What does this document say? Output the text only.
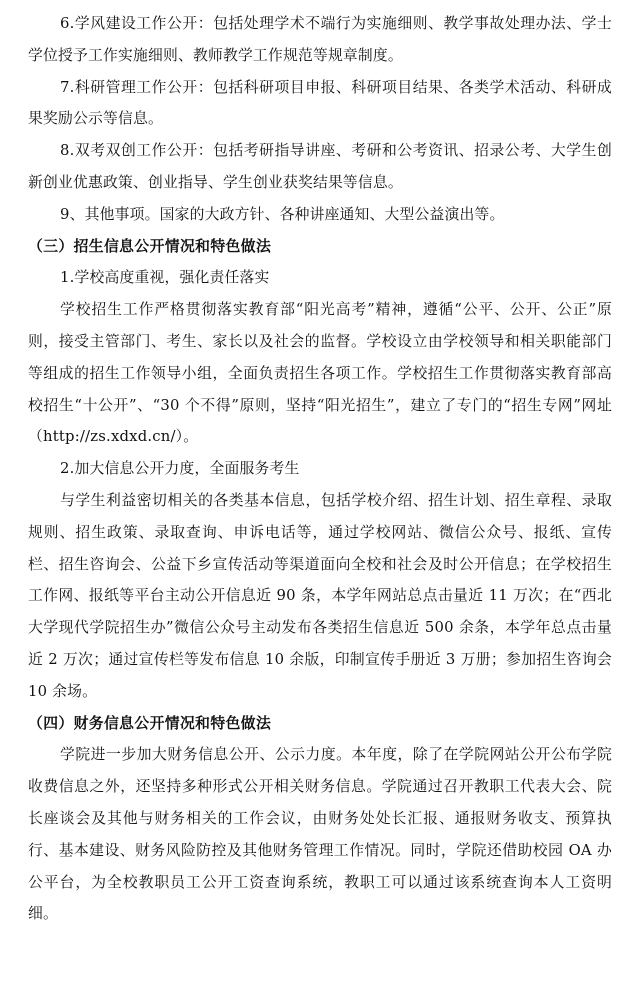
6.学风建设工作公开：包括处理学术不端行为实施细则、教学事故处理办法、学士学位授予工作实施细则、教师教学工作规范等规章制度。

7.科研管理工作公开：包括科研项目申报、科研项目结果、各类学术活动、科研成果奖励公示等信息。

8.双考双创工作公开：包括考研指导讲座、考研和公考资讯、招录公考、大学生创新创业优惠政策、创业指导、学生创业获奖结果等信息。

9、其他事项。国家的大政方针、各种讲座通知、大型公益演出等。

（三）招生信息公开情况和特色做法

1.学校高度重视，强化责任落实

学校招生工作严格贯彻落实教育部“阳光高考”精神，遵循“公平、公开、公正”原则，接受主管部门、考生、家长以及社会的监督。学校设立由学校领导和相关职能部门等组成的招生工作领导小组，全面负责招生各项工作。学校招生工作贯彻落实教育部高校招生“十公开”、“30 个不得”原则，坚持“阳光招生”，建立了专门的“招生专网”网址（http://zs.xdxd.cn/）。

2.加大信息公开力度，全面服务考生

与学生利益密切相关的各类基本信息，包括学校介绍、招生计划、招生章程、录取规则、招生政策、录取查询、申诉电话等，通过学校网站、微信公众号、报纸、宣传栏、招生咨询会、公益下乡宣传活动等渠道面向全校和社会及时公开信息；在学校招生工作网、报纸等平台主动公开信息近 90 条，本学年网站总点击量近 11 万次；在“西北大学现代学院招生办”微信公众号主动发布各类招生信息近 500 余条，本学年总点击量近 2 万次；通过宣传栏等发布信息 10 余版，印制宣传手册近 3 万册；参加招生咨询会 10 余场。

（四）财务信息公开情况和特色做法

学院进一步加大财务信息公开、公示力度。本年度，除了在学院网站公开公布学院收费信息之外，还坚持多种形式公开相关财务信息。学院通过召开教职工代表大会、院长座谈会及其他与财务相关的工作会议，由财务处处长汇报、通报财务收支、预算执行、基本建设、财务风险防控及其他财务管理工作情况。同时，学院还借助校园 OA 办公平台，为全校教职员工公开工资查询系统，教职工可以通过该系统查询本人工资明细。
